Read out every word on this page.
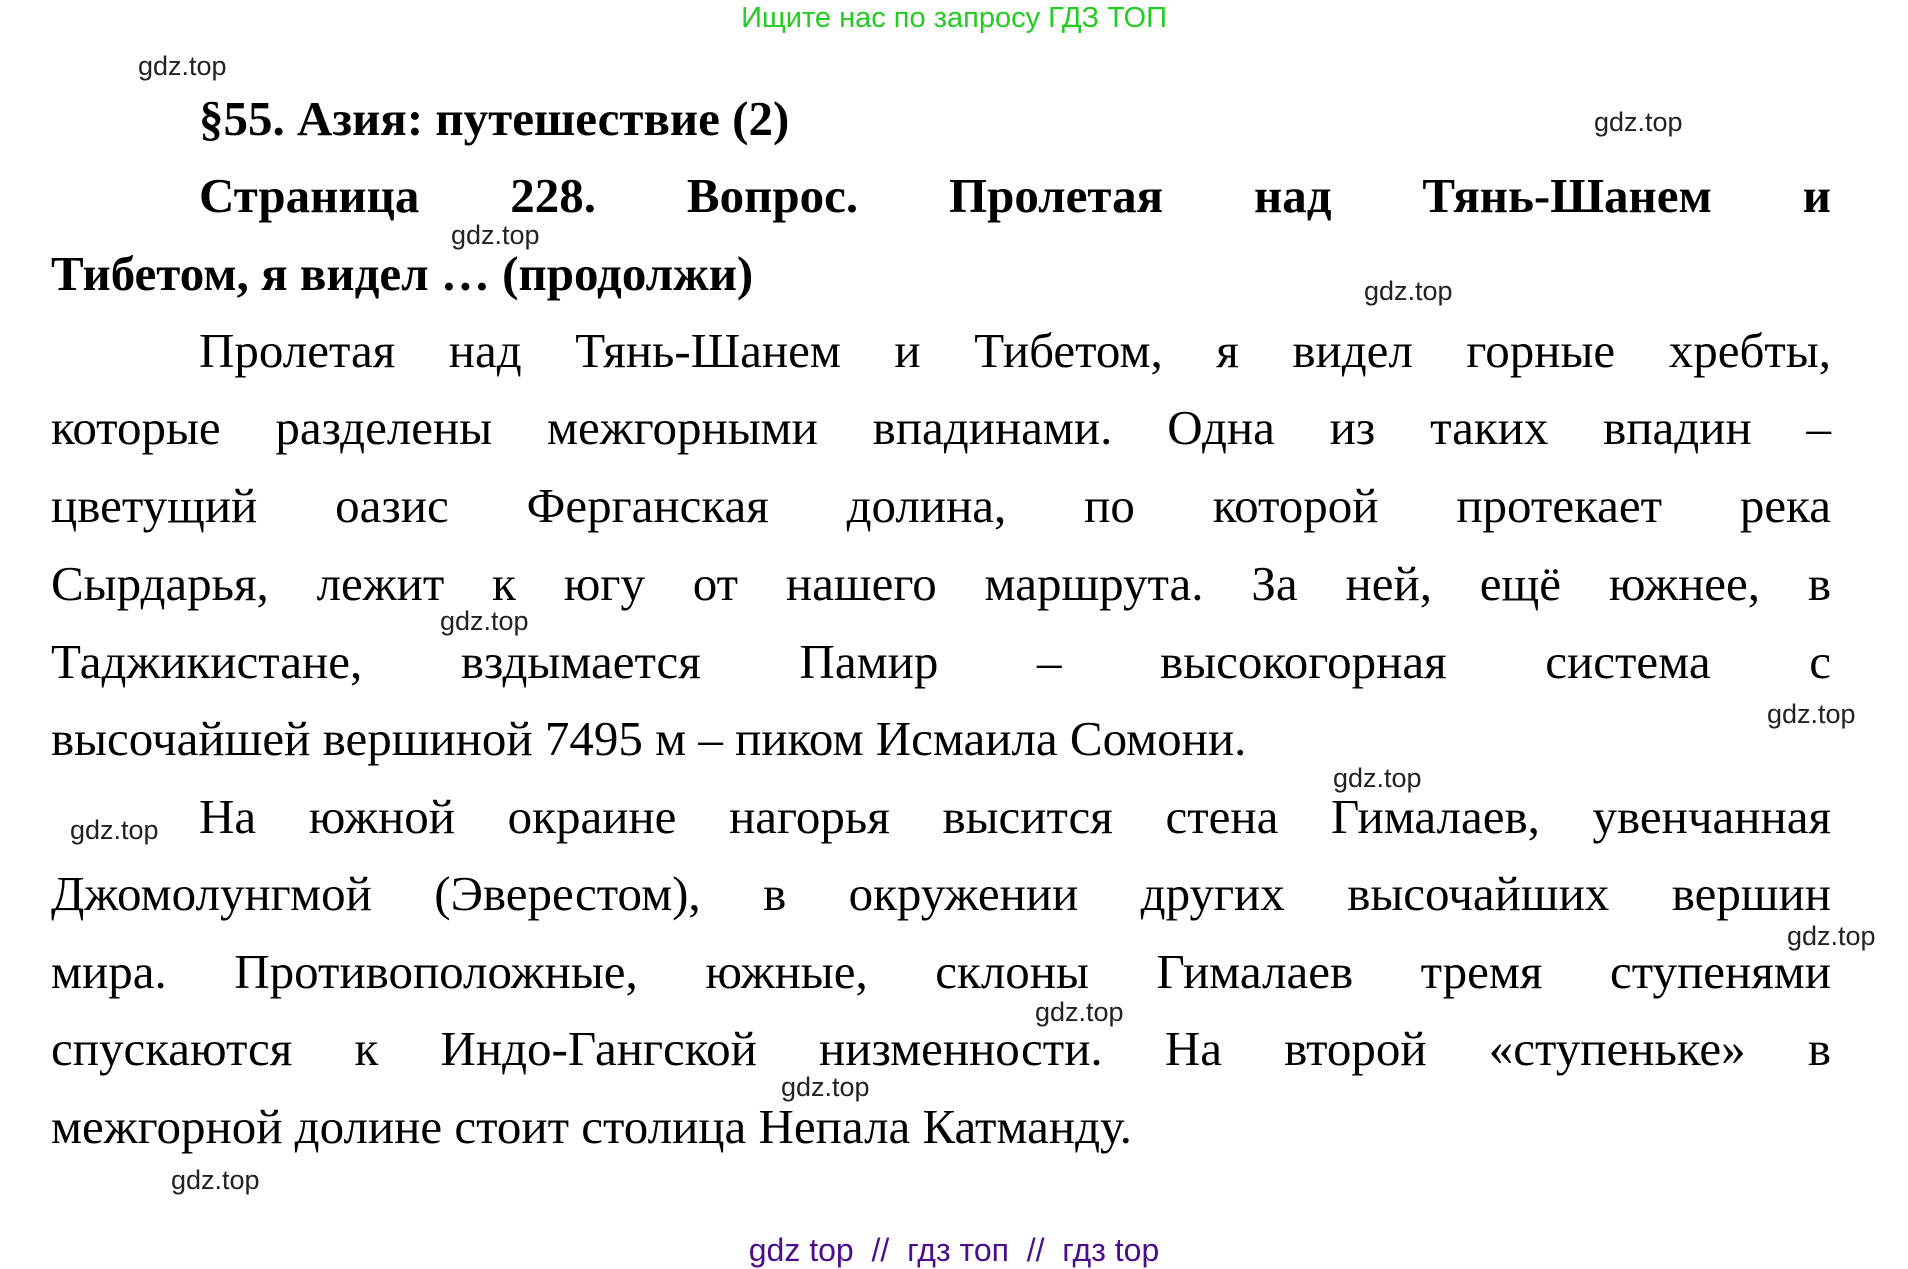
Ищите нас по запросу ГДЗ ТОП
§55. Азия: путешествие (2)
Страница 228. Вопрос. Пролетая над Тянь-Шанем и
Тибетом, я видел … (продолжи)
Пролетая над Тянь-Шанем и Тибетом, я видел горные хребты,
которые разделены межгорными впадинами. Одна из таких впадин –
цветущий оазис Ферганская долина, по которой протекает река
Сырдарья, лежит к югу от нашего маршрута. За ней, ещё южнее, в
Таджикистане, вздымается Памир – высокогорная система с
высочайшей вершиной 7495 м – пиком Исмаила Сомони.
На южной окраине нагорья высится стена Гималаев, увенчанная
Джомолунгмой (Эверестом), в окружении других высочайших вершин
мира. Противоположные, южные, склоны Гималаев тремя ступенями
спускаются к Индо-Гангской низменности. На второй «ступеньке» в
межгорной долине стоит столица Непала Катманду.
gdz.top
gdz.top
gdz.top
gdz.top
gdz.top
gdz.top
gdz.top
gdz.top
gdz.top
gdz.top
gdz.top
gdz.top
gdz top  //  гдз топ  //  гдз top
